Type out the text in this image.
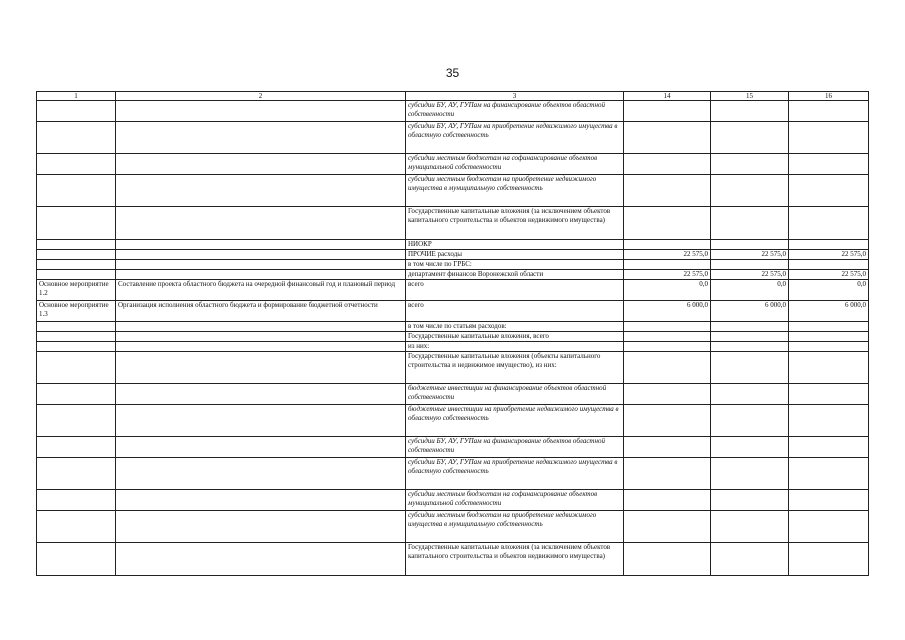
35
1	2	3	14	15	16
		субсидии БУ, АУ, ГУПам на финансирование объектов областной собственности			
		субсидии БУ, АУ, ГУПам на приобретение недвижимого имущества в областную собственность			
		субсидии местным бюджетам на софинансирование объектов муниципальной собственности			
		субсидии местным бюджетам на приобретение недвижимого имущества в муниципальную собственность			
		Государственные капитальные вложения (за исключением объектов капитального строительства и объектов недвижимого имущества)			
		НИОКР			
		ПРОЧИЕ расходы	22 575,0	22 575,0	22 575,0
		в том числе по ГРБС:			
		департамент финансов Воронежской области	22 575,0	22 575,0	22 575,0
Основное мероприятие 1.2	Составление проекта областного бюджета на очередной финансовый год и плановый период	всего	0,0	0,0	0,0
Основное мероприятие 1.3	Организация исполнения областного бюджета и формирование бюджетной отчетности	всего	6 000,0	6 000,0	6 000,0
		в том числе по статьям расходов:			
		Государственные капитальные вложения, всего			
		из них:			
		Государственные капитальные вложения (объекты капитального строительства и недвижимое имущество), из них:			
		бюджетные инвестиции на финансирование объектов областной собственности			
		бюджетные инвестиции на приобретение недвижимого имущества в областную собственность			
		субсидии БУ, АУ, ГУПам на финансирование объектов областной собственности			
		субсидии БУ, АУ, ГУПам на приобретение недвижимого имущества в областную собственность			
		субсидии местным бюджетам на софинансирование объектов муниципальной собственности			
		субсидии местным бюджетам на приобретение недвижимого имущества в муниципальную собственность			
		Государственные капитальные вложения (за исключением объектов капитального строительства и объектов недвижимого имущества)			
